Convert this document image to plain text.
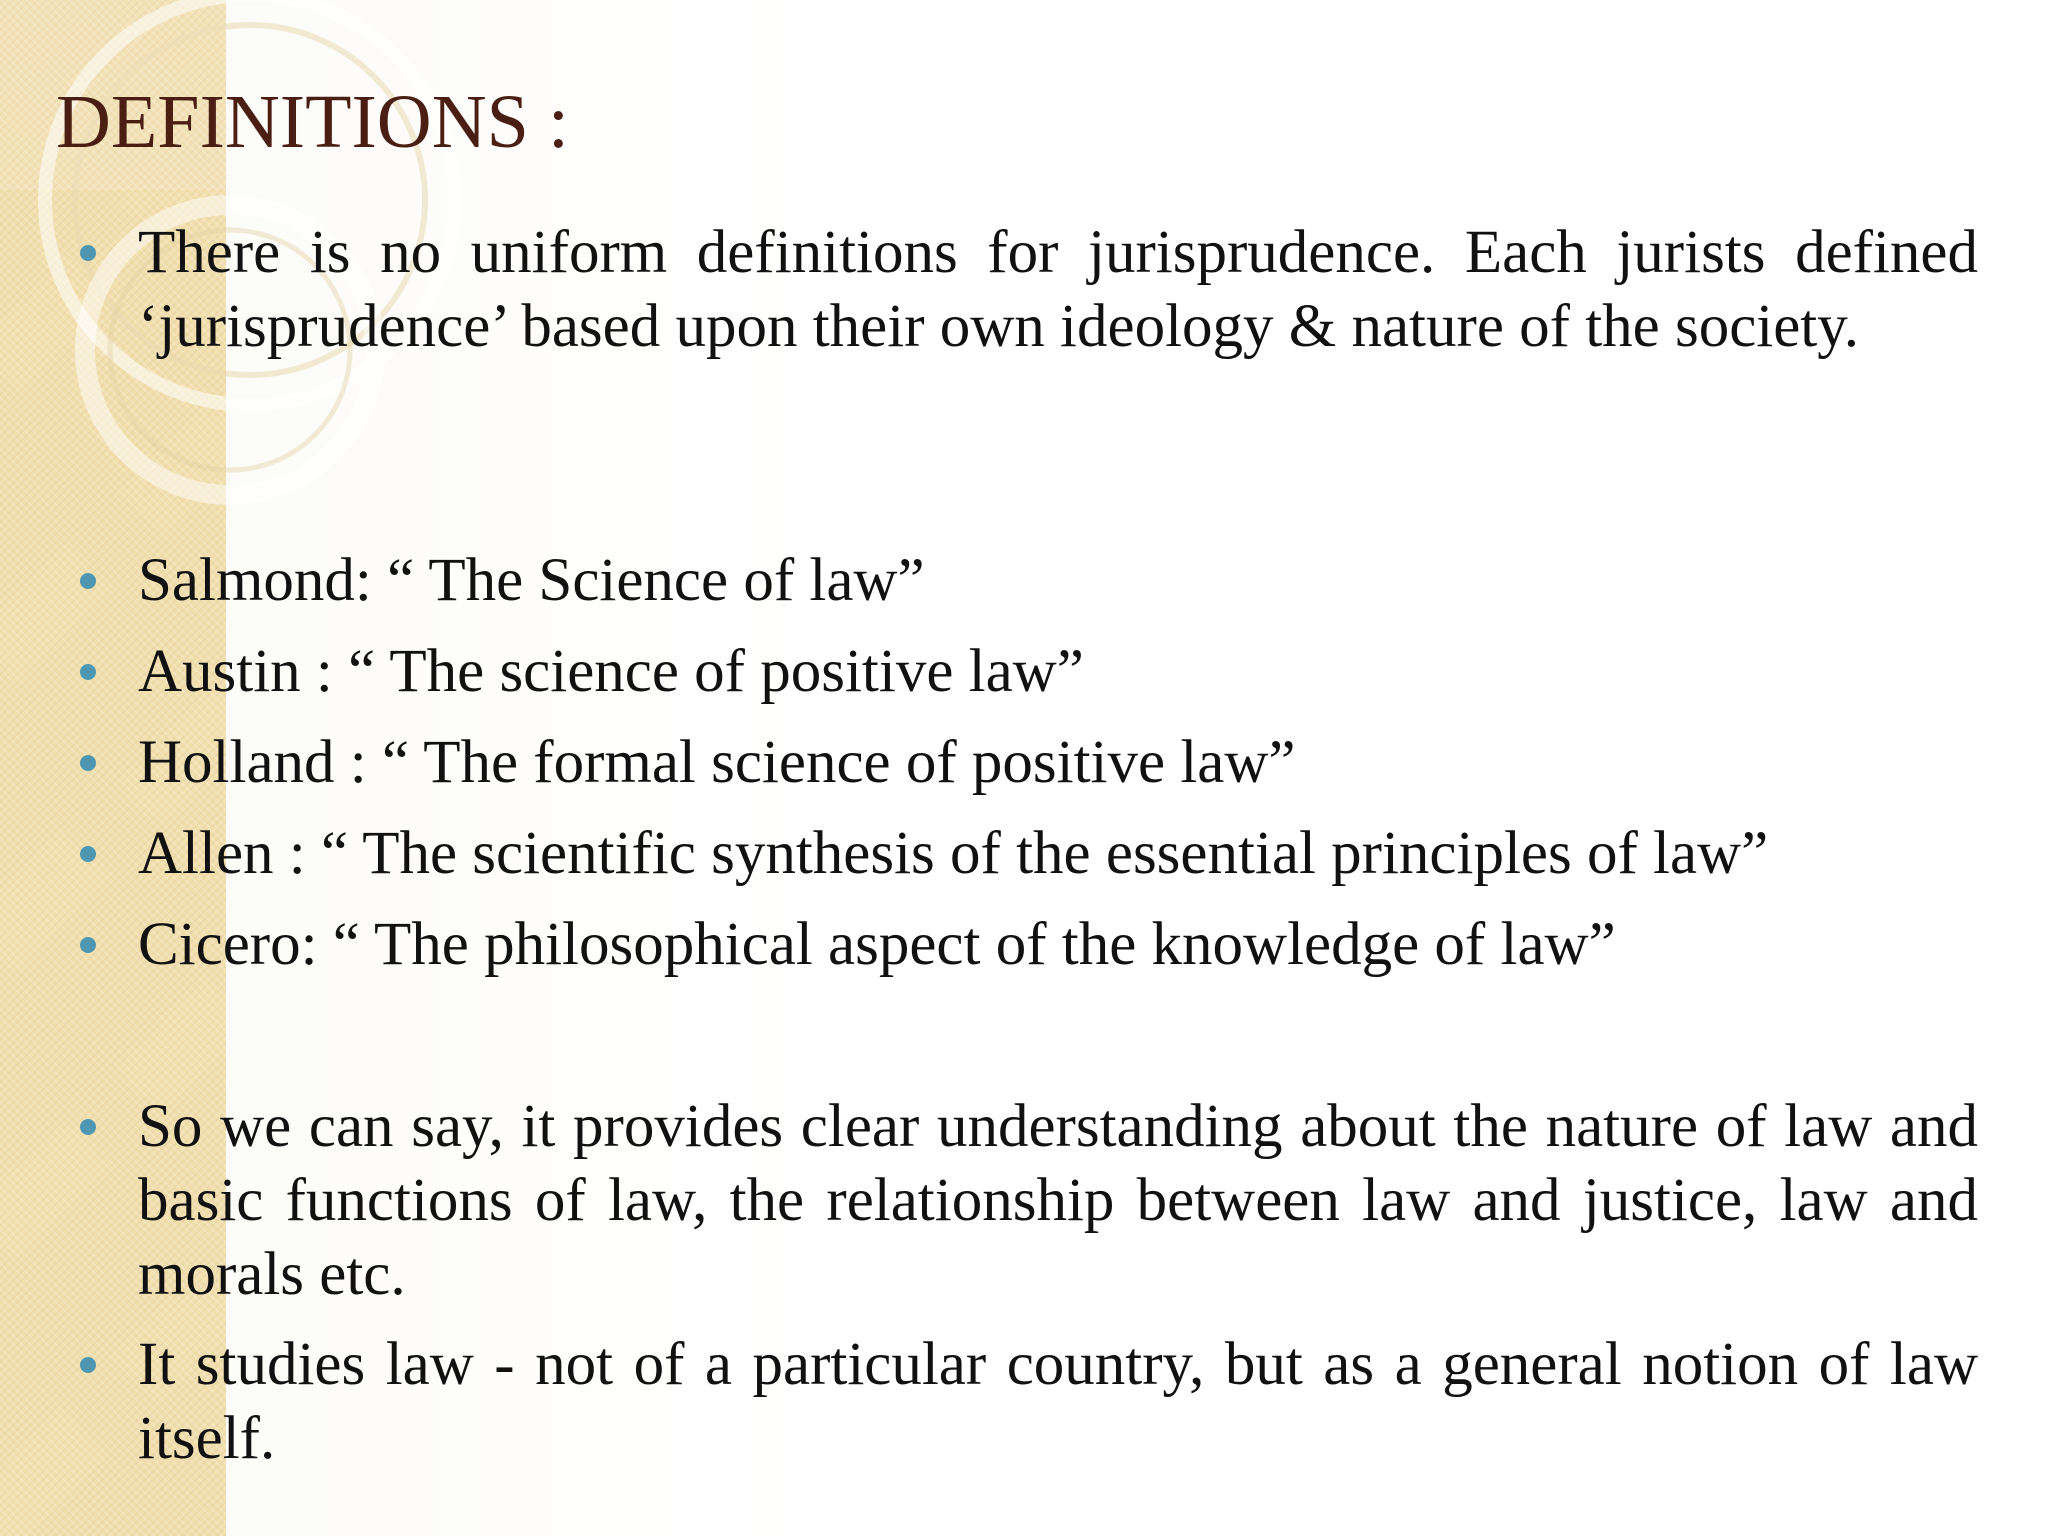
DEFINITIONS :
There is no uniform definitions for jurisprudence. Each jurists defined ‘jurisprudence’ based upon their own ideology & nature of the society.
Salmond: “ The Science of law”
Austin : “ The science of positive law”
Holland : “ The formal science of positive law”
Allen : “ The scientific synthesis of the essential principles of law”
Cicero: “ The philosophical aspect of the knowledge of law”
So we can say, it provides clear understanding about the nature of law and basic functions of law, the relationship between law and justice, law and morals etc.
It studies law - not of a particular country, but as a general notion of law itself.
